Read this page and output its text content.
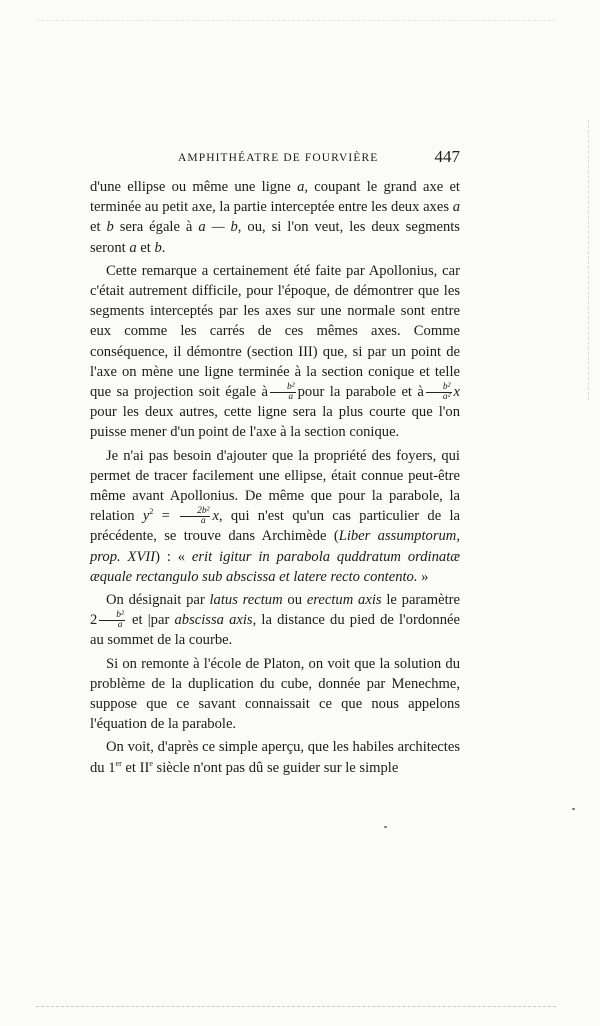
AMPHITHÉATRE DE FOURVIÈRE	447

d'une ellipse ou même une ligne a, coupant le grand axe et terminée au petit axe, la partie interceptée entre les deux axes a et b sera égale à a — b, ou, si l'on veut, les deux segments seront a et b.

Cette remarque a certainement été faite par Apollonius, car c'était autrement difficile, pour l'époque, de démontrer que les segments interceptés par les axes sur une normale sont entre eux comme les carrés de ces mêmes axes. Comme conséquence, il démontre (section III) que, si par un point de l'axe on mène une ligne terminée à la section conique et telle que sa projection soit égale à $\frac{\text{b²}}{a}$ pour la parabole et à $\frac{\text{b²}}{\text{a²}}$ x pour les deux autres, cette ligne sera la plus courte que l'on puisse mener d'un point de l'axe à la section conique.

Je n'ai pas besoin d'ajouter que la propriété des foyers, qui permet de tracer facilement une ellipse, était connue peut-être même avant Apollonius. De même que pour la parabole, la relation $y^2 = \frac{\text{2b²}}{a} x$, qui n'est qu'un cas particulier de la précédente, se trouve dans Archimède (Liber assumptorum, prop. XVII) : « erit igitur in parabola quddratum ordinatæ æquale rectangulo sub abscissa et latere recto contento. »

On désignait par latus rectum ou erectum axis le paramètre $2 \frac{\text{b²}}{a}$ et |par abscissa axis, la distance du pied de l'ordonnée au sommet de la courbe.

Si on remonte à l'école de Platon, on voit que la solution du problème de la duplication du cube, donnée par Menechme, suppose que ce savant connaissait ce que nous appelons l'équation de la parabole.

On voit, d'après ce simple aperçu, que les habiles architectes du 1er et IIe siècle n'ont pas dû se guider sur le simple
